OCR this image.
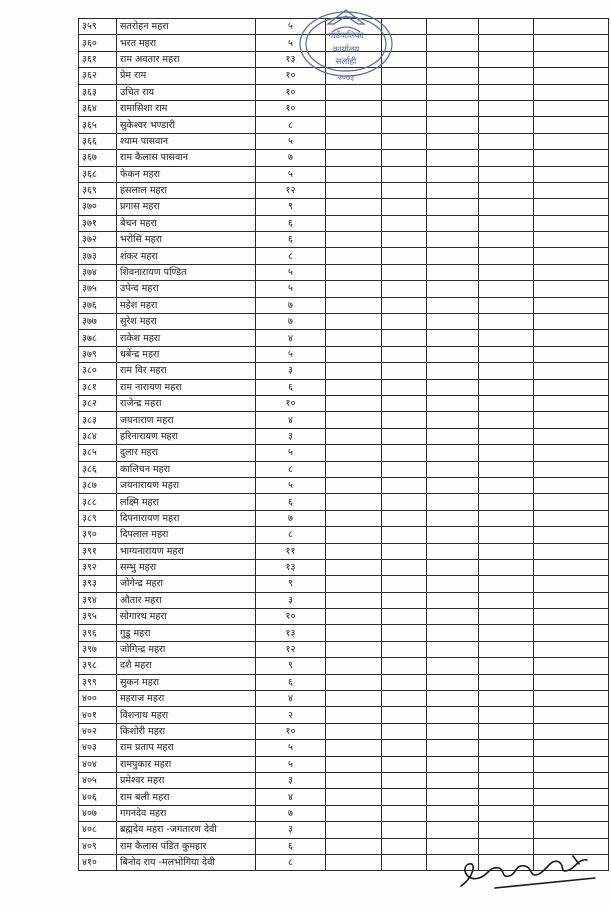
३५९	सतरोहन महरा	५					
३६०	भरत महरा	५					
३६१	राम अवतार महरा	१३					
३६२	प्रेम राम	१०					
३६३	उचित राय	१०					
३६४	रामासिशा राम	१०					
३६५	सुकेश्वर भण्डारी	८					
३६६	श्याम पासवान	५					
३६७	राम कैलास पासवान	७					
३६८	फेकन महरा	५					
३६९	हंसलाल महरा	१२					
३७०	प्रगास महरा	९					
३७१	बेचन महरा	६					
३७२	भरोसि महरा	६					
३७३	शंकर महरा	८					
३७४	शिवनारायण पण्डित	५					
३७५	उपेन्द महरा	५					
३७६	महेश महरा	७					
३७७	सुरेश महरा	७					
३७८	राकेश महरा	४					
३७९	धर्बेन्द्र महरा	५					
३८०	राम विर महरा	३					
३८१	राम नारायण महरा	६					
३८२	राजेन्द्र महरा	१०					
३८३	जयनाराण महरा	४					
३८४	हरिनारायण महरा	३					
३८५	दुलार महरा	५					
३८६	कालिचन महरा	८					
३८७	जयनारायण महरा	५					
३८८	लक्ष्मि महरा	६					
३८९	दिपनारायण महरा	७					
३९०	दिपलाल महरा	८					
३९१	भाग्यनारायण महरा	११					
३९२	सम्भु महरा	१३					
३९३	जोगेन्द्र महरा	९					
३९४	औतार महरा	३					
३९५	सोगारथ महरा	१०					
३९६	गुडु महरा	१३					
३९७	जोगिन्द्र महरा	१२					
३९८	दशै महरा	९					
३९९	सुकन महरा	६					
४००	महराज महरा	४					
४०१	विशनाथ महरा	२					
४०२	किशोरी महरा	१०					
४०३	राम प्रताप महरा	५					
४०४	रामपुकार महरा	५					
४०५	प्रमेश्वर महरा	३					
४०६	राम बली महरा	४					
४०७	गगनदेव महरा	७					
४०८	ब्रह्मदेव महरा -जगतारण देवी	३					
४०९	राम कैलास पंडित कुमहार	६					
४१०	बिनोद राय -मलभोगिया देवी	८					
गाउँपालिका
कार्यालय
सर्लाही
२०७३
